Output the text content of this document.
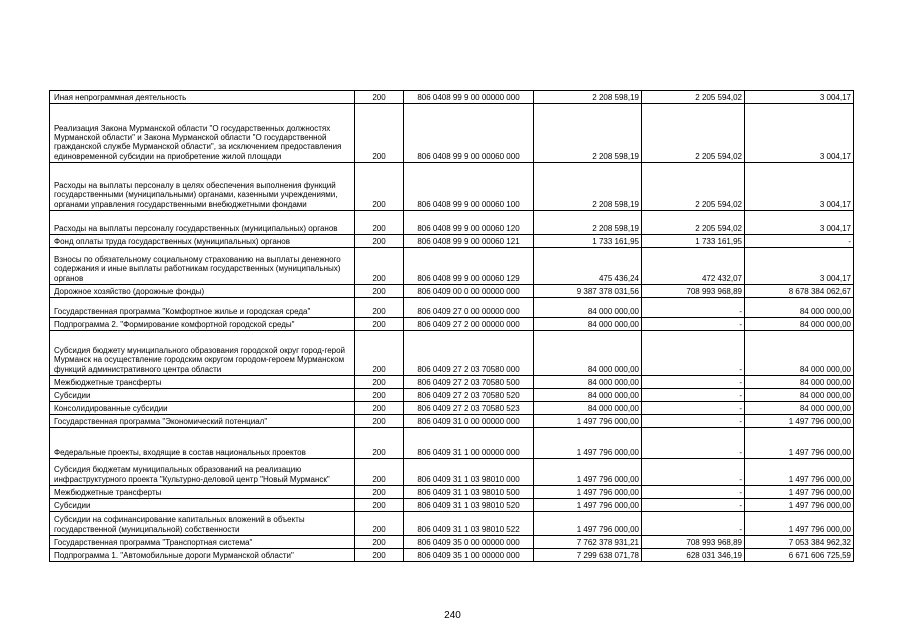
Иная непрограммная деятельность	200	806 0408 99 9 00 00000 000	2 208 598,19	2 205 594,02	3 004,17
Реализация Закона Мурманской области "О государственных должностях Мурманской области" и Закона Мурманской области "О государственной гражданской службе Мурманской области", за исключением предоставления единовременной субсидии на приобретение жилой площади	200	806 0408 99 9 00 00060 000	2 208 598,19	2 205 594,02	3 004,17
Расходы на выплаты персоналу в целях обеспечения выполнения функций государственными (муниципальными) органами, казенными учреждениями, органами управления государственными внебюджетными фондами	200	806 0408 99 9 00 00060 100	2 208 598,19	2 205 594,02	3 004,17
Расходы на выплаты персоналу государственных (муниципальных) органов	200	806 0408 99 9 00 00060 120	2 208 598,19	2 205 594,02	3 004,17
Фонд оплаты труда государственных (муниципальных) органов	200	806 0408 99 9 00 00060 121	1 733 161,95	1 733 161,95	-
Взносы по обязательному социальному страхованию на выплаты денежного содержания и иные выплаты работникам государственных (муниципальных) органов	200	806 0408 99 9 00 00060 129	475 436,24	472 432,07	3 004,17
Дорожное хозяйство (дорожные фонды)	200	806 0409 00 0 00 00000 000	9 387 378 031,56	708 993 968,89	8 678 384 062,67
Государственная программа "Комфортное жилье и городская среда"	200	806 0409 27 0 00 00000 000	84 000 000,00	-	84 000 000,00
Подпрограмма 2. "Формирование комфортной городской среды"	200	806 0409 27 2 00 00000 000	84 000 000,00	-	84 000 000,00
Субсидия бюджету муниципального образования городской округ город-герой Мурманск на осуществление городским округом городом-героем Мурманском функций административного центра области	200	806 0409 27 2 03 70580 000	84 000 000,00	-	84 000 000,00
Межбюджетные трансферты	200	806 0409 27 2 03 70580 500	84 000 000,00	-	84 000 000,00
Субсидии	200	806 0409 27 2 03 70580 520	84 000 000,00	-	84 000 000,00
Консолидированные субсидии	200	806 0409 27 2 03 70580 523	84 000 000,00	-	84 000 000,00
Государственная программа "Экономический потенциал"	200	806 0409 31 0 00 00000 000	1 497 796 000,00	-	1 497 796 000,00
Федеральные проекты, входящие в состав национальных проектов	200	806 0409 31 1 00 00000 000	1 497 796 000,00	-	1 497 796 000,00
Субсидия бюджетам муниципальных образований на реализацию инфраструктурного проекта "Культурно-деловой центр "Новый Мурманск"	200	806 0409 31 1 03 98010 000	1 497 796 000,00	-	1 497 796 000,00
Межбюджетные трансферты	200	806 0409 31 1 03 98010 500	1 497 796 000,00	-	1 497 796 000,00
Субсидии	200	806 0409 31 1 03 98010 520	1 497 796 000,00	-	1 497 796 000,00
Субсидии на софинансирование капитальных вложений в объекты государственной (муниципальной) собственности	200	806 0409 31 1 03 98010 522	1 497 796 000,00	-	1 497 796 000,00
Государственная программа "Транспортная система"	200	806 0409 35 0 00 00000 000	7 762 378 931,21	708 993 968,89	7 053 384 962,32
Подпрограмма 1. "Автомобильные дороги Мурманской области"	200	806 0409 35 1 00 00000 000	7 299 638 071,78	628 031 346,19	6 671 606 725,59
240
